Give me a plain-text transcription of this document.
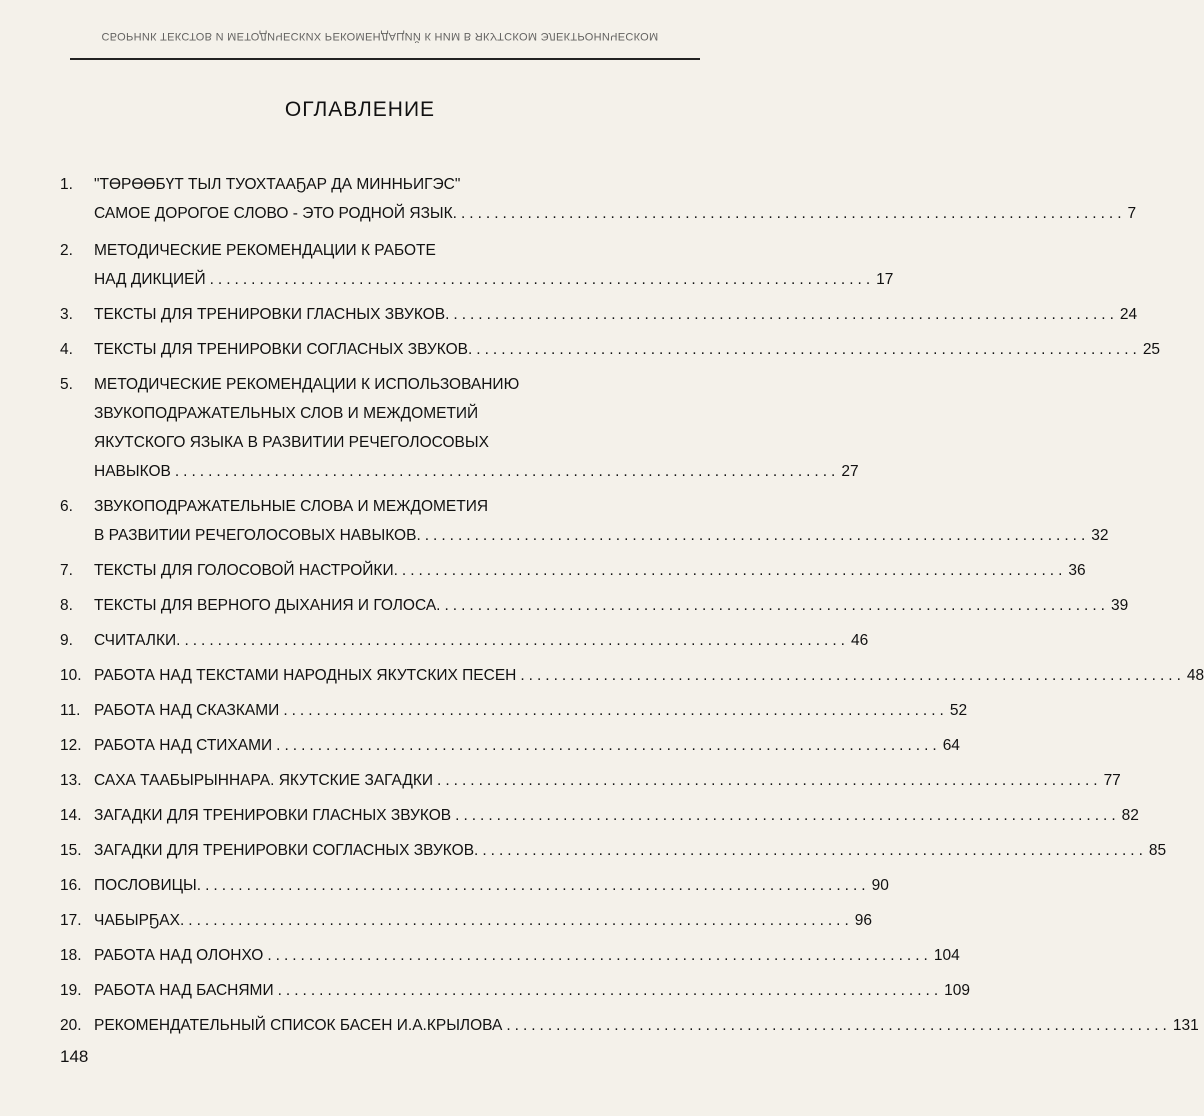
СБОРНИК ТЕКСТОВ И МЕТОДИЧЕСКИХ РЕКОМЕНДАЦИЙ К НИМ В ЯКУТСКОМ ЭЛЕКТРОНИЧЕСКОМ
ОГЛАВЛЕНИЕ
1.	"ТӨРӨӨБҮТ ТЫЛ ТУОХТААҔАР ДА МИННЬИГЭС"
САМОЕ ДОРОГОЕ СЛОВО - ЭТО РОДНОЙ ЯЗЫК. ................................................................................ 7
2.	МЕТОДИЧЕСКИЕ РЕКОМЕНДАЦИИ К РАБОТЕ
НАД ДИКЦИЕЙ ................................................................................ 17
3.	ТЕКСТЫ ДЛЯ ТРЕНИРОВКИ ГЛАСНЫХ ЗВУКОВ. ................................................................................ 24
4.	ТЕКСТЫ ДЛЯ ТРЕНИРОВКИ СОГЛАСНЫХ ЗВУКОВ. ................................................................................ 25
5.	МЕТОДИЧЕСКИЕ РЕКОМЕНДАЦИИ К ИСПОЛЬЗОВАНИЮ
ЗВУКОПОДРАЖАТЕЛЬНЫХ СЛОВ И МЕЖДОМЕТИЙ
ЯКУТСКОГО ЯЗЫКА В РАЗВИТИИ РЕЧЕГОЛОСОВЫХ
НАВЫКОВ ................................................................................ 27
6.	ЗВУКОПОДРАЖАТЕЛЬНЫЕ СЛОВА И МЕЖДОМЕТИЯ
В РАЗВИТИИ РЕЧЕГОЛОСОВЫХ НАВЫКОВ. ................................................................................ 32
7.	ТЕКСТЫ ДЛЯ ГОЛОСОВОЙ НАСТРОЙКИ. ................................................................................ 36
8.	ТЕКСТЫ ДЛЯ ВЕРНОГО ДЫХАНИЯ И ГОЛОСА. ................................................................................ 39
9.	СЧИТАЛКИ. ................................................................................ 46
10. РАБОТА НАД ТЕКСТАМИ НАРОДНЫХ ЯКУТСКИХ ПЕСЕН ................................................................................ 48
11. РАБОТА НАД СКАЗКАМИ ................................................................................ 52
12. РАБОТА НАД СТИХАМИ ................................................................................ 64
13. САХА ТААБЫРЫННАРА. ЯКУТСКИЕ ЗАГАДКИ ................................................................................ 77
14. ЗАГАДКИ ДЛЯ ТРЕНИРОВКИ ГЛАСНЫХ ЗВУКОВ ................................................................................ 82
15. ЗАГАДКИ ДЛЯ ТРЕНИРОВКИ СОГЛАСНЫХ ЗВУКОВ. ................................................................................ 85
16. ПОСЛОВИЦЫ. ................................................................................ 90
17. ЧАБЫРҔАХ. ................................................................................ 96
18. РАБОТА НАД ОЛОНХО ................................................................................ 104
19. РАБОТА НАД БАСНЯМИ ................................................................................ 109
20. РЕКОМЕНДАТЕЛЬНЫЙ СПИСОК БАСЕН И.А.КРЫЛОВА ................................................................................ 131
148
